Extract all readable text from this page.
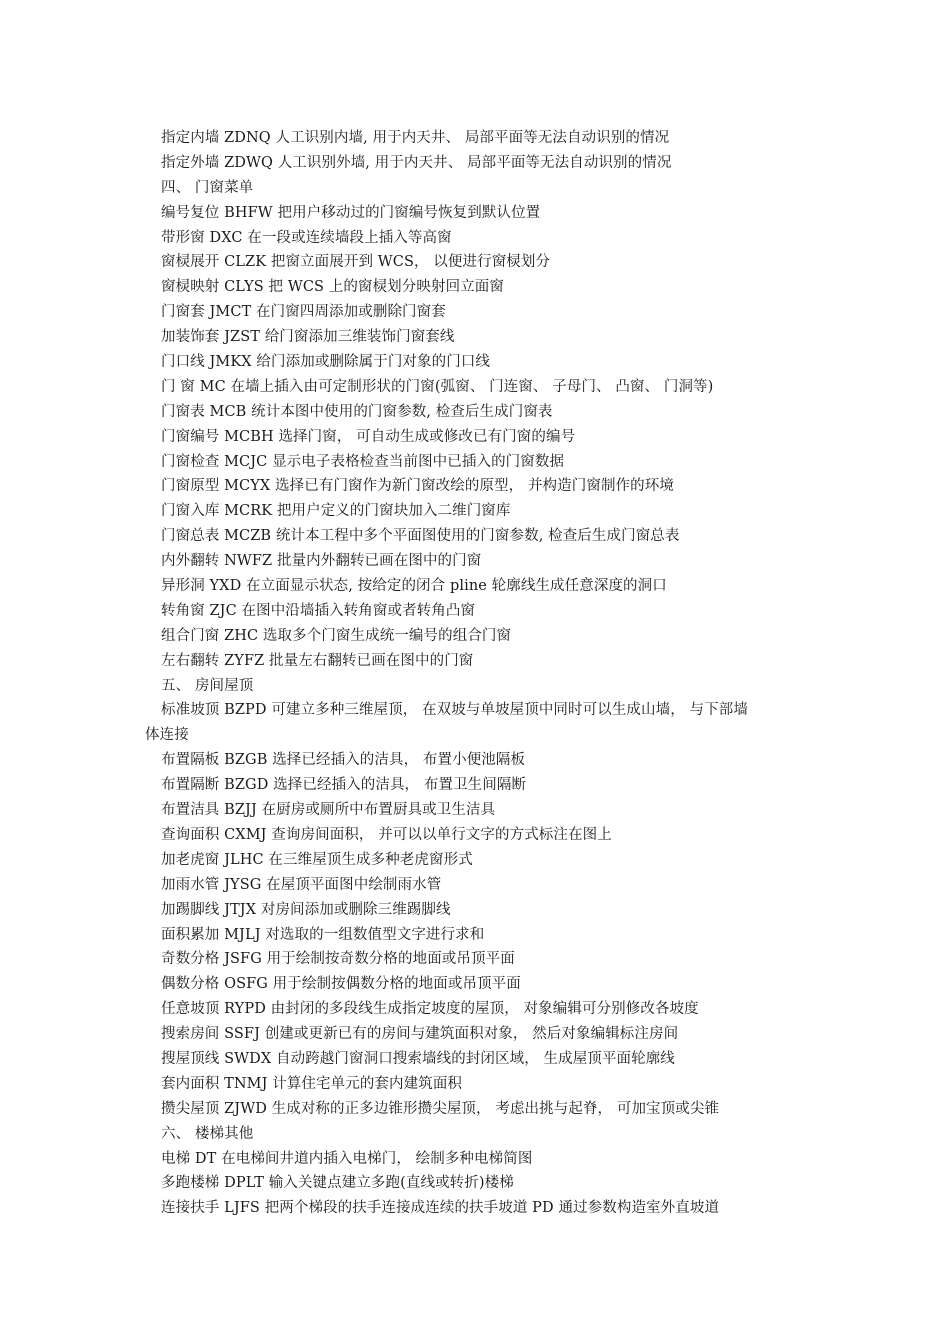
指定内墙 ZDNQ 人工识别内墙, 用于内天井、 局部平面等无法自动识别的情况
指定外墙 ZDWQ 人工识别外墙, 用于内天井、 局部平面等无法自动识别的情况
四、 门窗菜单
编号复位 BHFW 把用户移动过的门窗编号恢复到默认位置
带形窗 DXC 在一段或连续墙段上插入等高窗
窗棂展开 CLZK 把窗立面展开到 WCS， 以便进行窗棂划分
窗棂映射 CLYS 把 WCS 上的窗棂划分映射回立面窗
门窗套 JMCT 在门窗四周添加或删除门窗套
加装饰套 JZST 给门窗添加三维装饰门窗套线
门口线 JMKX 给门添加或删除属于门对象的门口线
门 窗 MC 在墙上插入由可定制形状的门窗(弧窗、 门连窗、 子母门、 凸窗、 门洞等)
门窗表 MCB 统计本图中使用的门窗参数, 检查后生成门窗表
门窗编号 MCBH 选择门窗， 可自动生成或修改已有门窗的编号
门窗检查 MCJC 显示电子表格检查当前图中已插入的门窗数据
门窗原型 MCYX 选择已有门窗作为新门窗改绘的原型， 并构造门窗制作的环境
门窗入库 MCRK 把用户定义的门窗块加入二维门窗库
门窗总表 MCZB 统计本工程中多个平面图使用的门窗参数, 检查后生成门窗总表
内外翻转 NWFZ 批量内外翻转已画在图中的门窗
异形洞 YXD 在立面显示状态, 按给定的闭合 pline 轮廓线生成任意深度的洞口
转角窗 ZJC 在图中沿墙插入转角窗或者转角凸窗
组合门窗 ZHC 选取多个门窗生成统一编号的组合门窗
左右翻转 ZYFZ 批量左右翻转已画在图中的门窗
五、 房间屋顶
标准坡顶 BZPD 可建立多种三维屋顶， 在双坡与单坡屋顶中同时可以生成山墙， 与下部墙
体连接
布置隔板 BZGB 选择已经插入的洁具， 布置小便池隔板
布置隔断 BZGD 选择已经插入的洁具， 布置卫生间隔断
布置洁具 BZJJ 在厨房或厕所中布置厨具或卫生洁具
查询面积 CXMJ 查询房间面积， 并可以以单行文字的方式标注在图上
加老虎窗 JLHC 在三维屋顶生成多种老虎窗形式
加雨水管 JYSG 在屋顶平面图中绘制雨水管
加踢脚线 JTJX 对房间添加或删除三维踢脚线
面积累加 MJLJ 对选取的一组数值型文字进行求和
奇数分格 JSFG 用于绘制按奇数分格的地面或吊顶平面
偶数分格 OSFG 用于绘制按偶数分格的地面或吊顶平面
任意坡顶 RYPD 由封闭的多段线生成指定坡度的屋顶， 对象编辑可分别修改各坡度
搜索房间 SSFJ 创建或更新已有的房间与建筑面积对象， 然后对象编辑标注房间
搜屋顶线 SWDX 自动跨越门窗洞口搜索墙线的封闭区域， 生成屋顶平面轮廓线
套内面积 TNMJ 计算住宅单元的套内建筑面积
攒尖屋顶 ZJWD 生成对称的正多边锥形攒尖屋顶， 考虑出挑与起脊， 可加宝顶或尖锥
六、 楼梯其他
电梯 DT 在电梯间井道内插入电梯门， 绘制多种电梯简图
多跑楼梯 DPLT 输入关键点建立多跑(直线或转折)楼梯
连接扶手 LJFS 把两个梯段的扶手连接成连续的扶手坡道 PD 通过参数构造室外直坡道
